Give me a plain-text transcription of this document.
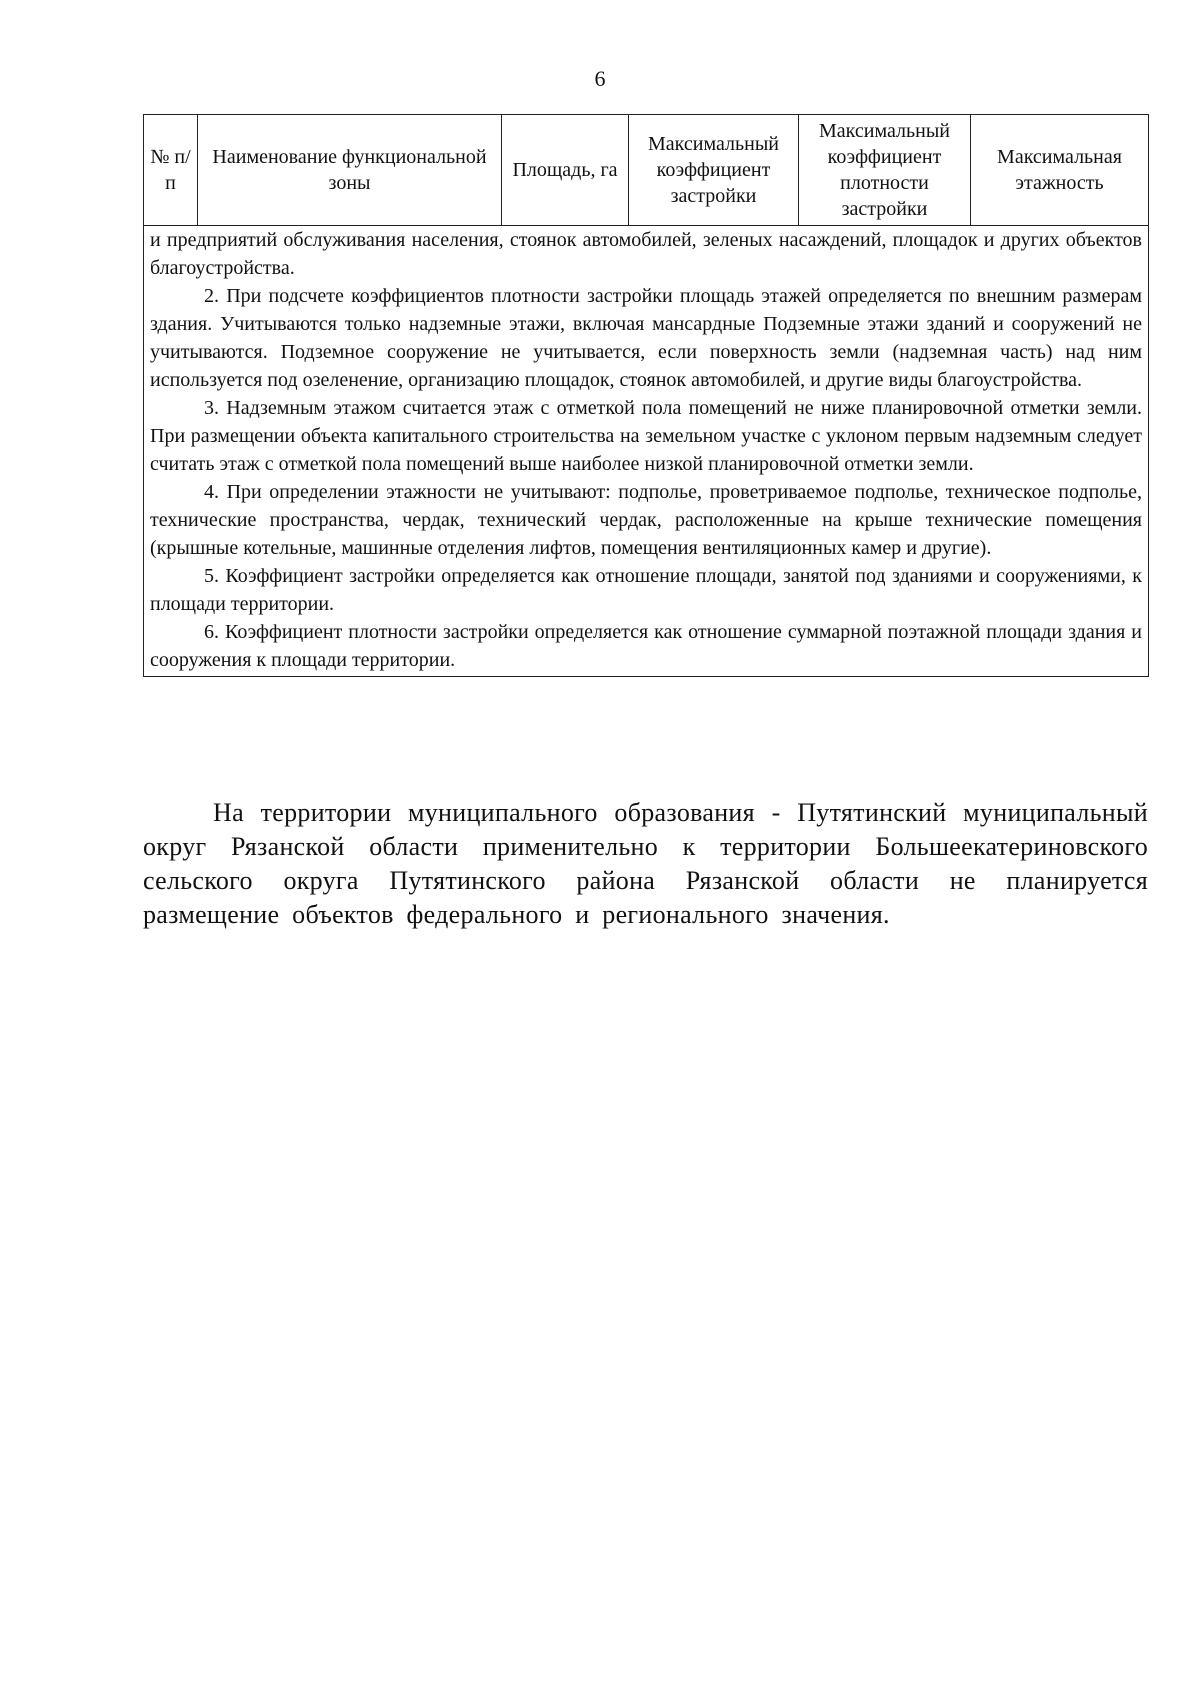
6
№ п/п	Наименование функциональной зоны	Площадь, га	Максимальный коэффициент застройки	Максимальный коэффициент плотности застройки	Максимальная этажность

и предприятий обслуживания населения, стоянок автомобилей, зеленых насаждений, площадок и других объектов благоустройства.

2. При подсчете коэффициентов плотности застройки площадь этажей определяется по внешним размерам здания. Учитываются только надземные этажи, включая мансардные Подземные этажи зданий и сооружений не учитываются. Подземное сооружение не учитывается, если поверхность земли (надземная часть) над ним используется под озеленение, организацию площадок, стоянок автомобилей, и другие виды благоустройства.

3. Надземным этажом считается этаж с отметкой пола помещений не ниже планировочной отметки земли. При размещении объекта капитального строительства на земельном участке с уклоном первым надземным следует считать этаж с отметкой пола помещений выше наиболее низкой планировочной отметки земли.

4. При определении этажности не учитывают: подполье, проветриваемое подполье, техническое подполье, технические пространства, чердак, технический чердак, расположенные на крыше технические помещения (крышные котельные, машинные отделения лифтов, помещения вентиляционных камер и другие).

5. Коэффициент застройки определяется как отношение площади, занятой под зданиями и сооружениями, к площади территории.

6. Коэффициент плотности застройки определяется как отношение суммарной поэтажной площади здания и сооружения к площади территории.

На территории муниципального образования - Путятинский муниципальный округ Рязанской области применительно к территории Большеекатериновского сельского округа Путятинского района Рязанской области не планируется размещение объектов федерального и регионального значения.
